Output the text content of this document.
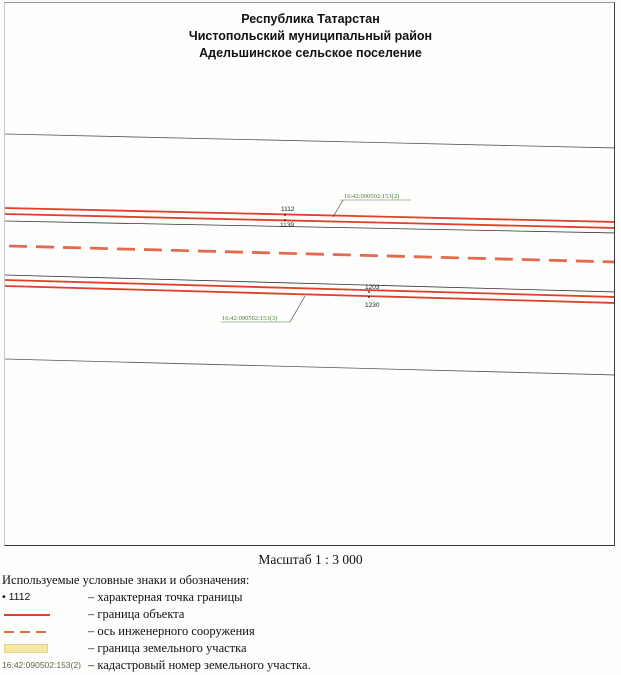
1112
1139
1203
1230
16:42:090502:153(2)
16:42:090502:153(3)
Республика Татарстан
Чистопольский муниципальный район
Адельшинское сельское поселение
Масштаб 1 : 3 000
Используемые условные знаки и обозначения:
• 1112	– характерная точка границы
– граница объекта
– ось инженерного сооружения
– граница земельного участка
16:42:090502:153(2) – кадастровый номер земельного участка.
